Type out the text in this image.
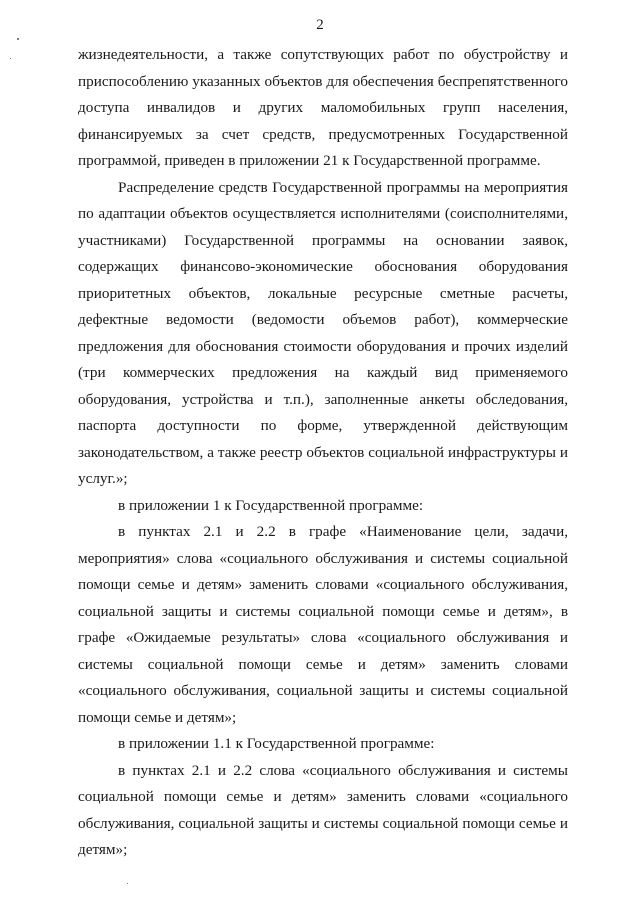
2

жизнедеятельности, а также сопутствующих работ по обустройству и приспособлению указанных объектов для обеспечения беспрепятственного доступа инвалидов и других маломобильных групп населения, финансируемых за счет средств, предусмотренных Государственной программой, приведен в приложении 21 к Государственной программе.

Распределение средств Государственной программы на мероприятия по адаптации объектов осуществляется исполнителями (соисполнителями, участниками) Государственной программы на основании заявок, содержащих финансово-экономические обоснования оборудования приоритетных объектов, локальные ресурсные сметные расчеты, дефектные ведомости (ведомости объемов работ), коммерческие предложения для обоснования стоимости оборудования и прочих изделий (три коммерческих предложения на каждый вид применяемого оборудования, устройства и т.п.), заполненные анкеты обследования, паспорта доступности по форме, утвержденной действующим законодательством, а также реестр объектов социальной инфраструктуры и услуг.»;

в приложении 1 к Государственной программе:

в пунктах 2.1 и 2.2 в графе «Наименование цели, задачи, мероприятия» слова «социального обслуживания и системы социальной помощи семье и детям» заменить словами «социального обслуживания, социальной защиты и системы социальной помощи семье и детям», в графе «Ожидаемые результаты» слова «социального обслуживания и системы социальной помощи семье и детям» заменить словами «социального обслуживания, социальной защиты и системы социальной помощи семье и детям»;

в приложении 1.1 к Государственной программе:

в пунктах 2.1 и 2.2 слова «социального обслуживания и системы социальной помощи семье и детям» заменить словами «социального обслуживания, социальной защиты и системы социальной помощи семье и детям»;
